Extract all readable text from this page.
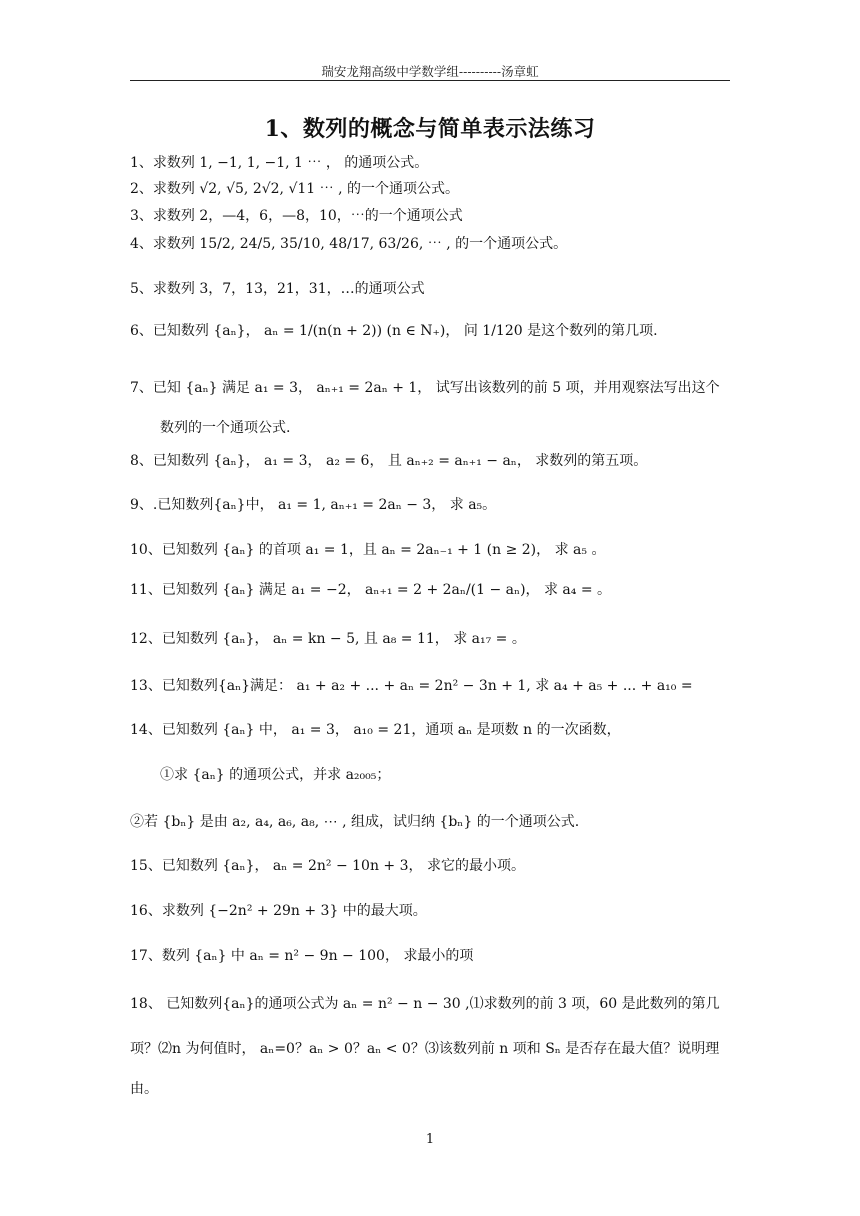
瑞安龙翔高级中学数学组----------汤章虹
1、数列的概念与简单表示法练习
1、求数列 1, −1, 1, −1, 1 ⋯ ， 的通项公式。
2、求数列 √2, √5, 2√2, √11 ⋯ , 的一个通项公式。
3、求数列 2，—4，6，—8，10，⋯的一个通项公式
4、求数列 15/2, 24/5, 35/10, 48/17, 63/26, ⋯ , 的一个通项公式。
5、求数列 3，7，13，21，31，…的通项公式
6、已知数列 {aₙ}， aₙ = 1/(n(n + 2)) (n ∈ N₊)， 问 1/120 是这个数列的第几项.
7、已知 {aₙ} 满足 a₁ = 3， aₙ₊₁ = 2aₙ + 1， 试写出该数列的前 5 项，并用观察法写出这个
数列的一个通项公式.
8、已知数列 {aₙ}， a₁ = 3， a₂ = 6， 且 aₙ₊₂ = aₙ₊₁ − aₙ， 求数列的第五项。
9、.已知数列{aₙ}中， a₁ = 1, aₙ₊₁ = 2aₙ − 3， 求 a₅。
10、已知数列 {aₙ} 的首项 a₁ = 1，且 aₙ = 2aₙ₋₁ + 1 (n ≥ 2)， 求 a₅ 。
11、已知数列 {aₙ} 满足 a₁ = −2， aₙ₊₁ = 2 + 2aₙ/(1 − aₙ)， 求 a₄ = 。
12、已知数列 {aₙ}， aₙ = kn − 5, 且 a₈ = 11， 求 a₁₇ = 。
13、已知数列{aₙ}满足： a₁ + a₂ + ... + aₙ = 2n² − 3n + 1, 求 a₄ + a₅ + ... + a₁₀ =
14、已知数列 {aₙ} 中， a₁ = 3， a₁₀ = 21，通项 aₙ 是项数 n 的一次函数，
①求 {aₙ} 的通项公式，并求 a₂₀₀₅；
②若 {bₙ} 是由 a₂, a₄, a₆, a₈, ⋯ , 组成，试归纳 {bₙ} 的一个通项公式.
15、已知数列 {aₙ}， aₙ = 2n² − 10n + 3， 求它的最小项。
16、求数列 {−2n² + 29n + 3} 中的最大项。
17、数列 {aₙ} 中 aₙ = n² − 9n − 100， 求最小的项
18、 已知数列{aₙ}的通项公式为 aₙ = n² − n − 30 ,⑴求数列的前 3 项，60 是此数列的第几
项？⑵n 为何值时， aₙ=0？aₙ > 0？aₙ < 0？⑶该数列前 n 项和 Sₙ 是否存在最大值？说明理
由。
1
